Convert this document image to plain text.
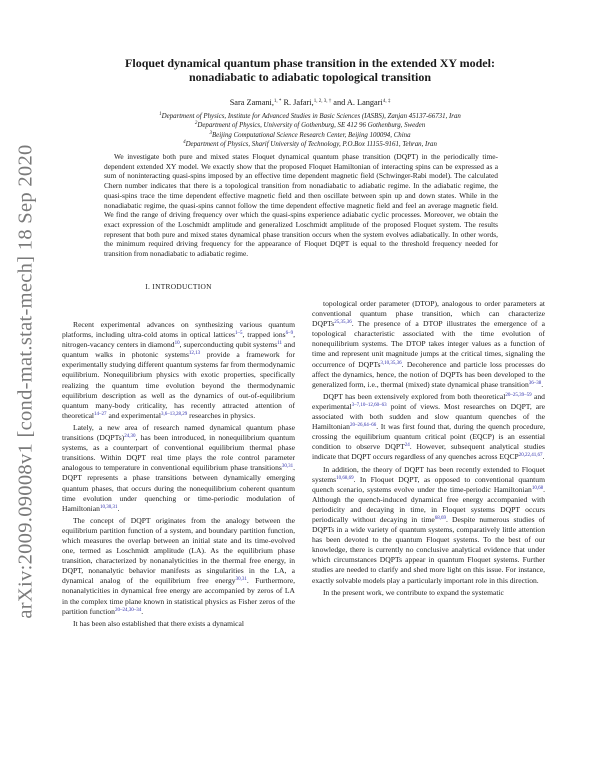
arXiv:2009.09008v1 [cond-mat.stat-mech] 18 Sep 2020

Floquet dynamical quantum phase transition in the extended XY model:
nonadiabatic to adiabatic topological transition

Sara Zamani,$^{1, *}$ R. Jafari,$^{1, 2, 3, \dagger}$ and A. Langari$^{4, \ddagger}$
$^1$Department of Physics, Institute for Advanced Studies in Basic Sciences (IASBS), Zanjan 45137-66731, Iran
$^2$Department of Physics, University of Gothenburg, SE 412 96 Gothenburg, Sweden
$^3$Beijing Computational Science Research Center, Beijing 100094, China
$^4$Department of Physics, Sharif University of Technology, P.O.Box 11155-9161, Tehran, Iran

We investigate both pure and mixed states Floquet dynamical quantum phase transition (DQPT) in the periodically time-dependent extended XY model. We exactly show that the proposed Floquet Hamiltonian of interacting spins can be expressed as a sum of noninteracting quasi-spins imposed by an effective time dependent magnetic field (Schwinger-Rabi model). The calculated Chern number indicates that there is a topological transition from nonadiabatic to adiabatic regime. In the adiabatic regime, the quasi-spins trace the time dependent effective magnetic field and then oscillate between spin up and down states. While in the nonadiabatic regime, the quasi-spins cannot follow the time dependent effective magnetic field and feel an average magnetic field. We find the range of driving frequency over which the quasi-spins experience adiabatic cyclic processes. Moreover, we obtain the exact expression of the Loschmidt amplitude and generalized Loschmidt amplitude of the proposed Floquet system. The results represent that both pure and mixed states dynamical phase transition occurs when the system evolves adiabatically. In other words, the minimum required driving frequency for the appearance of Floquet DQPT is equal to the threshold frequency needed for transition from nonadiabatic to adiabatic regime.

I. INTRODUCTION

Recent experimental advances on synthesizing various quantum platforms, including ultra-cold atoms in optical lattices$^{1-5}$, trapped ions$^{6-9}$, nitrogen-vacancy centers in diamond$^{10}$, superconducting qubit systems$^{11}$ and quantum walks in photonic systems$^{12,13}$ provide a framework for experimentally studying different quantum systems far from thermodynamic equilibrium. Nonequilibrium physics with exotic properties, specifically realizing the quantum time evolution beyond the thermodynamic equilibrium description as well as the dynamics of out-of-equilibrium quantum many-body criticality, has recently attracted attention of theoretical$^{14-27}$ and experimental$^{3,6-13,28,29}$ researches in physics.

Lately, a new area of research named dynamical quantum phase transitions (DQPTs)$^{24,30}$, has been introduced, in nonequilibrium quantum systems, as a counterpart of conventional equilibrium thermal phase transitions. Within DQPT real time plays the role control parameter analogous to temperature in conventional equilibrium phase transitions$^{30,31}$. DQPT represents a phase transitions between dynamically emerging quantum phases, that occurs during the nonequilibrium coherent quantum time evolution under quenching or time-periodic modulation of Hamiltonian$^{10,30,31}$.

The concept of DQPT originates from the analogy between the equilibrium partition function of a system, and boundary partition function, which measures the overlap between an initial state and its time-evolved one, termed as Loschmidt amplitude (LA). As the equilibrium phase transition, characterized by nonanalyticities in the thermal free energy, in DQPT, nonanalytic behavior manifests as singularities in the LA, a dynamical analog of the equilibrium free energy$^{30,31}$. Furthermore, nonanalyticities in dynamical free energy are accompanied by zeros of LA in the complex time plane known in statistical physics as Fisher zeros of the partition function$^{20-24,30-34}$.

It has been also established that there exists a dynamical

topological order parameter (DTOP), analogous to order parameters at conventional quantum phase transition, which can characterize DQPTs$^{25,35,36}$. The presence of a DTOP illustrates the emergence of a topological characteristic associated with the time evolution of nonequilibrium systems. The DTOP takes integer values as a function of time and represent unit magnitude jumps at the critical times, signaling the occurrence of DQPTs$^{3,10,35,36}$. Decoherence and particle loss processes do affect the dynamics, hence, the notion of DQPTs has been developed to the generalized form, i.e., thermal (mixed) state dynamical phase transition$^{36-38}$.

DQPT has been extensively explored from both theoretical$^{20-25,39-59}$ and experimental$^{3-7,10-12,60-63}$ point of views. Most researches on DQPT, are associated with both sudden and slow quantum quenches of the Hamiltonian$^{20-26,64-66}$. It was first found that, during the quench procedure, crossing the equilibrium quantum critical point (EQCP) is an essential condition to observe DQPT$^{24}$. However, subsequent analytical studies indicate that DQPT occurs regardless of any quenches across EQCP$^{20,22,41,67}$.

In addition, the theory of DQPT has been recently extended to Floquet systems$^{10,68,69}$. In Floquet DQPT, as opposed to conventional quantum quench scenario, systems evolve under the time-periodic Hamiltonian$^{10,68}$. Although the quench-induced dynamical free energy accompanied with periodicity and decaying in time, in Floquet systems DQPT occurs periodically without decaying in time$^{68,69}$. Despite numerous studies of DQPTs in a wide variety of quantum systems, comparatively little attention has been devoted to the quantum Floquet systems. To the best of our knowledge, there is currently no conclusive analytical evidence that under which circumstances DQPTs appear in quantum Floquet systems. Further studies are needed to clarify and shed more light on this issue. For instance, exactly solvable models play a particularly important role in this direction.

In the present work, we contribute to expand the systematic
